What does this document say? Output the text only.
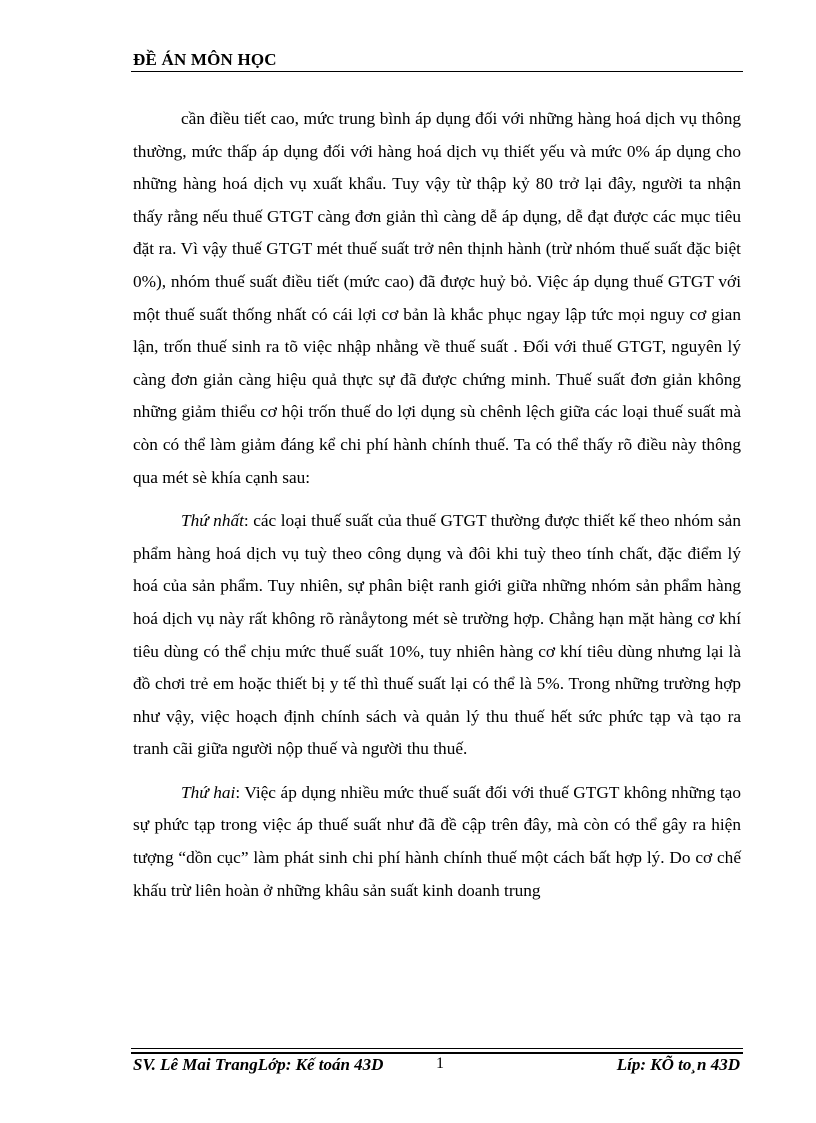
ĐỀ ÁN MÔN HỌC

cần điều tiết cao, mức trung bình áp dụng đối với những hàng hoá dịch vụ thông thường, mức thấp áp dụng đối với hàng hoá dịch vụ thiết yếu và mức 0% áp dụng cho những hàng hoá dịch vụ xuất khẩu. Tuy vậy từ thập kỷ 80 trở lại đây, người ta nhận thấy rằng nếu thuế GTGT càng đơn giản thì càng dễ áp dụng, dễ đạt được các mục tiêu đặt ra. Vì vậy thuế GTGT mét thuế suất trở nên thịnh hành (trừ nhóm thuế suất đặc biệt 0%), nhóm thuế suất điều tiết (mức cao) đã được huỷ bỏ. Việc áp dụng thuế GTGT với một thuế suất thống nhất có cái lợi cơ bản là khắc phục ngay lập tức mọi nguy cơ gian lận, trốn thuế sinh ra tõ việc nhập nhằng về thuế suất . Đối với thuế GTGT, nguyên lý càng đơn giản càng hiệu quả thực sự đã được chứng minh. Thuế suất đơn giản không những giảm thiểu cơ hội trốn thuế do lợi dụng sù chênh lệch giữa các loại thuế suất mà còn có thể làm giảm đáng kể chi phí hành chính thuế. Ta có thể thấy rõ điều này thông qua mét sè khía cạnh sau:

Thứ nhất: các loại thuế suất của thuế GTGT thường được thiết kế theo nhóm sản phẩm hàng hoá dịch vụ tuỳ theo công dụng và đôi khi tuỳ theo tính chất, đặc điểm lý hoá của sản phẩm. Tuy nhiên, sự phân biệt ranh giới giữa những nhóm sản phẩm hàng hoá dịch vụ này rất không rõ rànåytong mét sè trường hợp. Chẳng hạn mặt hàng cơ khí tiêu dùng có thể chịu mức thuế suất 10%, tuy nhiên hàng cơ khí tiêu dùng nhưng lại là đồ chơi trẻ em hoặc thiết bị y tế thì thuế suất lại có thể là 5%. Trong những trường hợp như vậy, việc hoạch định chính sách và quản lý thu thuế hết sức phức tạp và tạo ra tranh cãi giữa người nộp thuế và người thu thuế.

Thứ hai: Việc áp dụng nhiều mức thuế suất đối với thuế GTGT không những tạo sự phức tạp trong việc áp thuế suất như đã đề cập trên đây, mà còn có thể gây ra hiện tượng “dồn cục” làm phát sinh chi phí hành chính thuế một cách bất hợp lý. Do cơ chế khấu trừ liên hoàn ở những khâu sản suất kinh doanh trung

SV. Lê Mai TrangLớp: Kế toán 43D	1	Líp: KÕ to¸n 43D
